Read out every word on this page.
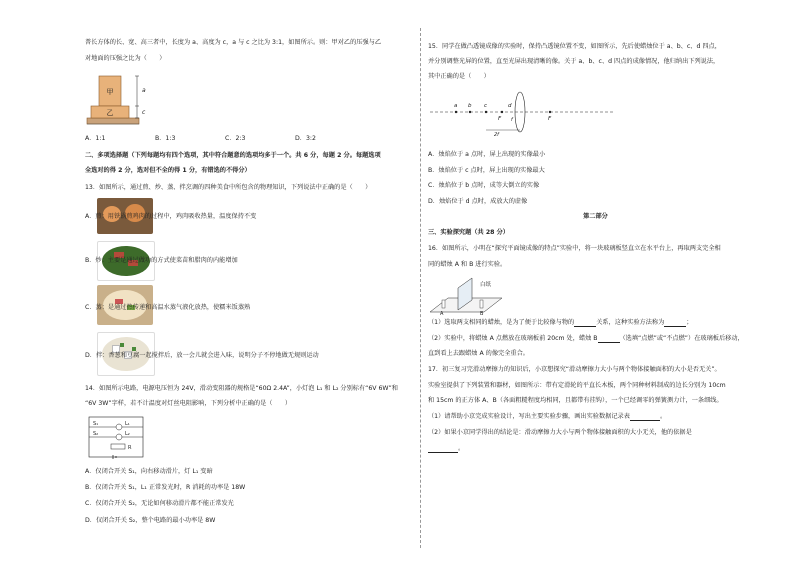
普长方体的长、宽、高三者中，长度为 a、高度为 c，a 与 c 之比为 3:1，如图所示。则：甲对乙的压强与乙
对地面的压强之比为（　　）
甲
乙
a
c
A．1:1	B．1:3	C．2:3	D．3:2
二、多项选择题（下列每题均有四个选项，其中符合题意的选项均多于一个。共 6 分，每题 2 分。每题选项
全选对的得 2 分，选对但不全的得 1 分，有错选的不得分）
13．如图所示，通过煎、炒、蒸、拌烹调的四种美食中所包含的物理知识，下列说法中正确的是（　　）
A．煎：用铁锅煎鸡肉的过程中，鸡肉吸收热量，温度保持不变
B．炒：主要是通过做功的方式使菜苗和腊肉的内能增加
C．蒸：是通过热传递和高温水蒸气液化放热，使糯米饭蒸熟
D．拌：香葱和豆腐一起搅拌后，放一会儿就会进入味，说明分子不停地做无规则运动
14．如图所示电路，电源电压恒为 24V，滑动变阻器的规格是“60Ω 2.4A”，小灯泡 L₁ 和 L₂ 分别标有“6V 6W”和
“6V 3W”字样，若不计温度对灯丝电阻影响，下列分析中正确的是（　　）
S₁
S₂
L₁
L₂
R
A．仅闭合开关 S₁，向右移动滑片，灯 L₁ 变暗
B．仅闭合开关 S₁，L₁ 正常发光时，R 消耗的功率是 18W
C．仅闭合开关 S₂，无论如何移动滑片都不能正常发光
D．仅闭合开关 S₂，整个电路的最小功率是 8W
15．同学在做凸透镜成像的实验时，保持凸透镜位置不变，如图所示，先后使蜡烛位于 a、b、c、d 四点，
并分别调整光屏的位置，直至光屏出现清晰的像。关于 a、b、c、d 四点的成像情况，他归纳出下列说法，
其中正确的是（　　）
a b c	d
F f
2f
F
A．烛焰位于 a 点时，屏上出现的实像最小
B．烛焰位于 c 点时，屏上出现的实像最大
C．烛焰位于 b 点时，成等大倒立的实像
D．烛焰位于 d 点时，成放大的虚像
第二部分
三、实验探究题（共 28 分）
16．如图所示，小明在“探究平面镜成像的特点”实验中，将一块玻璃板竖直立在水平台上，再取两支完全相
同的蜡烛 A 和 B 进行实验。
白纸
A	B
（1）选取两支相同的蜡烛，是为了便于比较像与物的	关系，这种实验方法称为	；
（2）实验中，将蜡烛 A 点燃放在玻璃板前 20cm 处，蜡烛 B	（选填“点燃”或“不点燃”）在玻璃板后移动，
直到看上去跟蜡烛 A 的像完全重合。
17．初三复习完滑动摩擦力的知识后，小京想探究“滑动摩擦力大小与两个物体接触面积的大小是否无关”。
实验室提供了下列装置和器材，如图所示：带有定滑轮的平直长木板，两个同种材料制成的边长分别为 10cm
和 15cm 的正方体 A、B（各面粗糙程度均相同，且都带有挂钩），一个已经调零的弹簧测力计，一条细线。
（1）请帮助小京完成实验设计，写出主要实验步骤，画出实验数据记录表	。
（2）如果小京同学得出的结论是：滑动摩擦力大小与两个物体接触面积的大小无关，他的依据是
。
